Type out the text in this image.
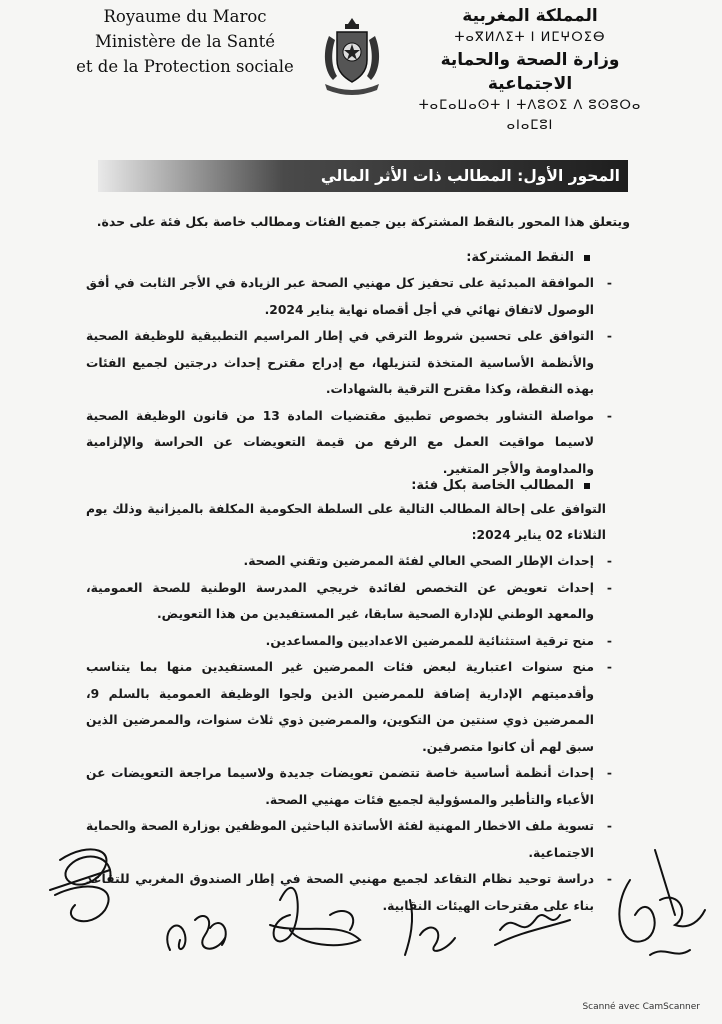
Royaume du Maroc
Ministère de la Santé
et de la Protection sociale
المملكة المغربية
ⵜⴰⴳⵍⴷⵉⵜ ⵏ ⵍⵎⵖⵔⵉⴱ
وزارة الصحة والحماية الاجتماعية
ⵜⴰⵎⴰⵡⴰⵙⵜ ⵏ ⵜⴷⵓⵙⵉ ⴷ ⵓⵙⵓⵔⴰ ⴰⵏⴰⵎⵓⵏ
المحور الأول: المطالب ذات الأثر المالي
ويتعلق هذا المحور بالنقط المشتركة بين جميع الفئات ومطالب خاصة بكل فئة على حدة.
النقط المشتركة:
- الموافقة المبدئية على تحفيز كل مهنيي الصحة عبر الزيادة في الأجر الثابت في أفق الوصول لاتفاق نهائي في أجل أقصاه نهاية يناير 2024.
- التوافق على تحسين شروط الترقي في إطار المراسيم التطبيقية للوظيفة الصحية والأنظمة الأساسية المتخذة لتنزيلها، مع إدراج مقترح إحداث درجتين لجميع الفئات بهذه النقطة، وكذا مقترح الترقية بالشهادات.
- مواصلة التشاور بخصوص تطبيق مقتضيات المادة 13 من قانون الوظيفة الصحية لاسيما مواقيت العمل مع الرفع من قيمة التعويضات عن الحراسة والإلزامية والمداومة والأجر المتغير.
المطالب الخاصة بكل فئة:
التوافق على إحالة المطالب التالية على السلطة الحكومية المكلفة بالميزانية وذلك يوم الثلاثاء 02 يناير 2024:
- إحداث الإطار الصحي العالي لفئة الممرضين وتقني الصحة.
- إحداث تعويض عن التخصص لفائدة خريجي المدرسة الوطنية للصحة العمومية، والمعهد الوطني للإدارة الصحية سابقا، غير المستفيدين من هذا التعويض.
- منح ترقية استثنائية للممرضين الاعداديين والمساعدين.
- منح سنوات اعتبارية لبعض فئات الممرضين غير المستفيدين منها بما يتناسب وأقدميتهم الإدارية إضافة للممرضين الذين ولجوا الوظيفة العمومية بالسلم 9، الممرضين ذوي سنتين من التكوين، والممرضين ذوي ثلاث سنوات، والممرضين الذين سبق لهم أن كانوا متصرفين.
- إحداث أنظمة أساسية خاصة تتضمن تعويضات جديدة ولاسيما مراجعة التعويضات عن الأعباء والتأطير والمسؤولية لجميع فئات مهنيي الصحة.
- تسوية ملف الاخطار المهنية لفئة الأساتذة الباحثين الموظفين بوزارة الصحة والحماية الاجتماعية.
- دراسة توحيد نظام التقاعد لجميع مهنيي الصحة في إطار الصندوق المغربي للتقاعد بناء على مقترحات الهيئات النقابية.
Scanné avec CamScanner
